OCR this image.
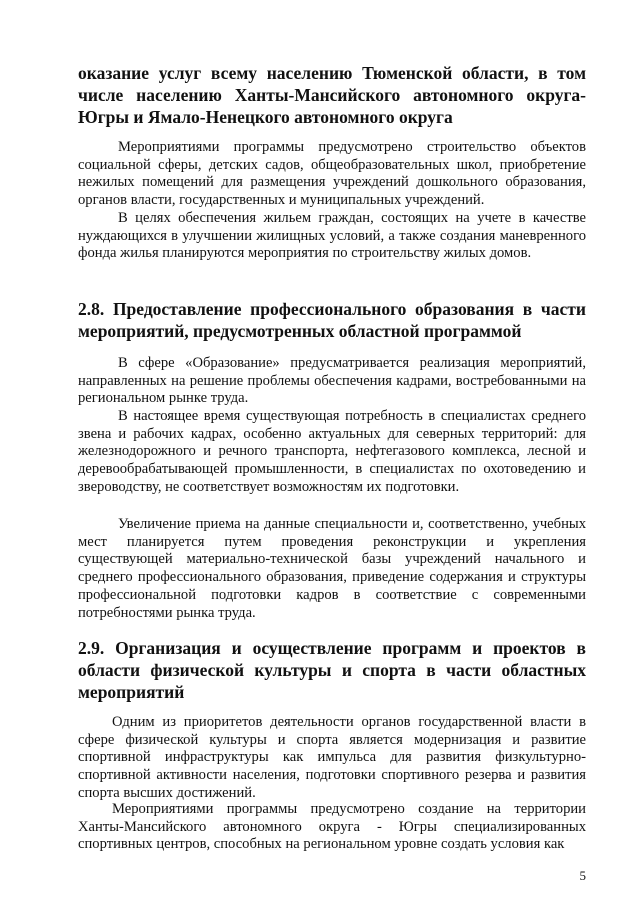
оказание услуг всему населению Тюменской области, в том числе населению Ханты-Мансийского автономного округа-Югры и Ямало-Ненецкого автономного округа

Мероприятиями программы предусмотрено строительство объектов социальной сферы, детских садов, общеобразовательных школ, приобретение нежилых помещений для размещения учреждений дошкольного образования, органов власти, государственных и муниципальных учреждений.

В целях обеспечения жильем граждан, состоящих на учете в качестве нуждающихся в улучшении жилищных условий, а также создания маневренного фонда жилья планируются мероприятия по строительству жилых домов.

2.8. Предоставление профессионального образования в части мероприятий, предусмотренных областной программой

В сфере «Образование» предусматривается реализация мероприятий, направленных на решение проблемы обеспечения кадрами, востребованными на региональном рынке труда.

В настоящее время существующая потребность в специалистах среднего звена и рабочих кадрах, особенно актуальных для северных территорий: для железнодорожного и речного транспорта, нефтегазового комплекса, лесной и деревообрабатывающей промышленности, в специалистах по охотоведению и звероводству, не соответствует возможностям их подготовки.

Увеличение приема на данные специальности и, соответственно, учебных мест планируется путем проведения реконструкции и укрепления существующей материально-технической базы учреждений начального и среднего профессионального образования, приведение содержания и структуры профессиональной подготовки кадров в соответствие с современными потребностями рынка труда.

2.9. Организация и осуществление программ и проектов в области физической культуры и спорта в части областных мероприятий

Одним из приоритетов деятельности органов государственной власти в сфере физической культуры и спорта является модернизация и развитие спортивной инфраструктуры как импульса для развития физкультурно-спортивной активности населения, подготовки спортивного резерва и развития спорта высших достижений.

Мероприятиями программы предусмотрено создание на территории Ханты-Мансийского автономного округа - Югры специализированных спортивных центров, способных на региональном уровне создать условия как

5
